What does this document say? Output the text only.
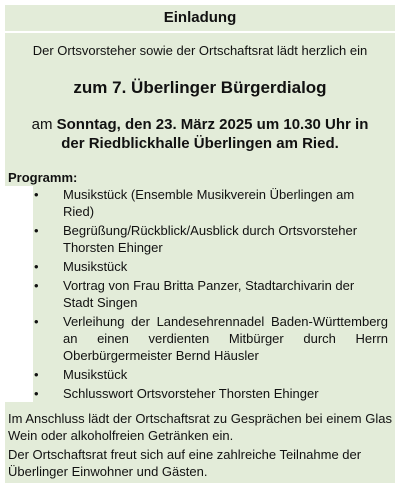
Einladung
Der Ortsvorsteher sowie der Ortschaftsrat lädt herzlich ein
zum 7. Überlinger Bürgerdialog
am Sonntag, den 23. März 2025 um 10.30 Uhr in
der Riedblickhalle Überlingen am Ried.
Programm:
• Musikstück (Ensemble Musikverein Überlingen am Ried)
• Begrüßung/Rückblick/Ausblick durch Ortsvorsteher Thorsten Ehinger
• Musikstück
• Vortrag von Frau Britta Panzer, Stadtarchivarin der Stadt Singen
• Verleihung der Landesehrennadel Baden-Württemberg an einen verdienten Mitbürger durch Herrn Oberbürgermeister Bernd Häusler
• Musikstück
• Schlusswort Ortsvorsteher Thorsten Ehinger
Im Anschluss lädt der Ortschaftsrat zu Gesprächen bei einem Glas Wein oder alkoholfreien Getränken ein.
Der Ortschaftsrat freut sich auf eine zahlreiche Teilnahme der Überlinger Einwohner und Gästen.
